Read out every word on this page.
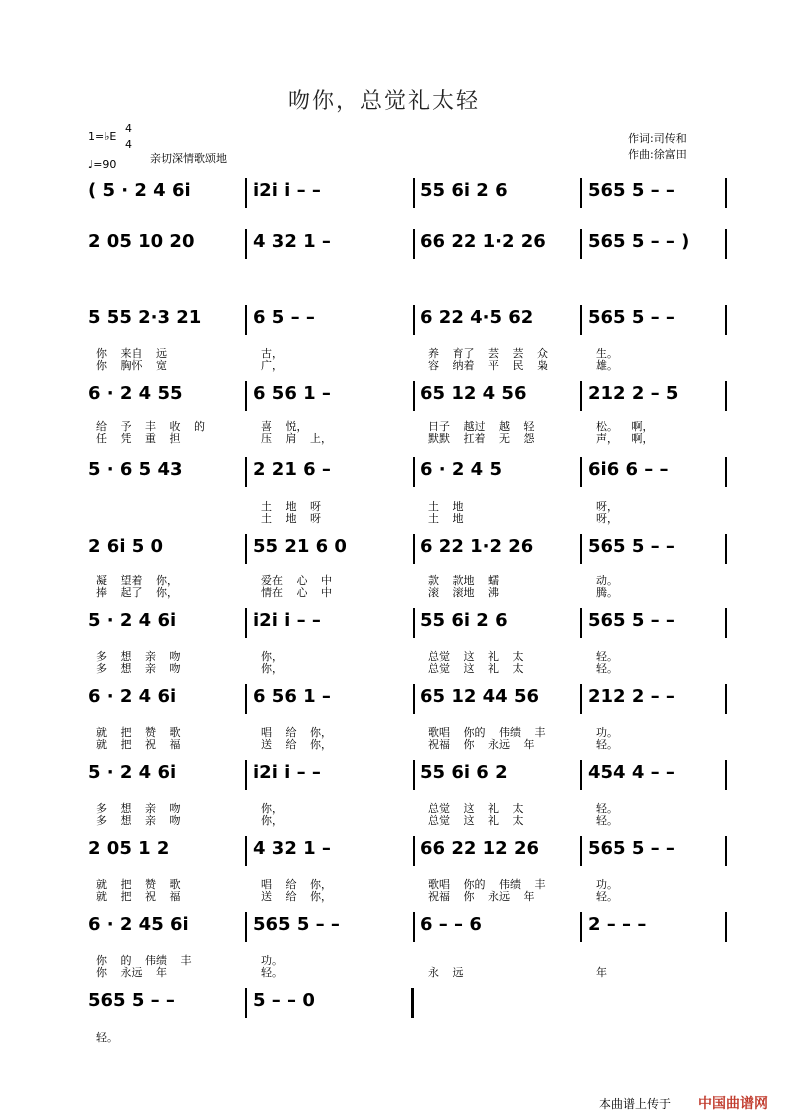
吻你，总觉礼太轻
1=♭E
4
4
♩=90	亲切深情歌颂地
作词:司传和
作曲:徐富田
( 5 · 2 4 6i	i2i i – –	55 6i 2 6	565 5 – –
2 05 10 20	4 32 1 –	66 22 1·2 26 565 5 – – )
5 55 2·3 21	6 5 – –	6 22 4·5 62	565 5 – –
6 · 2 4 55	6 56 1 –	65 12 4 56	212 2 – 5
5 · 6 5 43	2 21 6 –	6 · 2 4 5	6i6 6 – –
2 6i 5 0	55 21 6 0	6 22 1·2 26	565 5 – –
5 · 2 4 6i	i2i i – –	55 6i 2 6	565 5 – –
6 · 2 4 6i	6 56 1 –	65 12 44 56	212 2 – –
5 · 2 4 6i	i2i i – –	55 6i 6 2	454 4 – –
2 05 1 2	4 32 1 –	66 22 12 26	565 5 – –
6 · 2 45 6i	565 5 – –	6 – – 6	2 – – –
565 5 – –	5 – – 0
你 来自 远	古，	养 育了 芸 芸 众	生。
你 胸怀 宽	广，	容 纳着 平 民 枭	雄。
给 予 丰 收 的	喜 悦，	日子 越过 越 轻	松。 啊，
任 凭 重 担	压 肩 上，	默默 扛着 无 怨	声， 啊，
土 地 呀	土 地	呀，
土 地 呀	土 地	呀，
凝 望着 你，	爱在 心 中	款 款地 蠕	动。
捧 起了 你，	情在 心 中	滚 滚地 沸	腾。
多 想 亲 吻	你，	总觉 这 礼 太	轻。
多 想 亲 吻	你，	总觉 这 礼 太	轻。
就 把 赞 歌	唱 给 你，	歌唱 你的 伟绩 丰	功。
就 把 祝 福	送 给 你，	祝福 你 永远 年	轻。
多 想 亲 吻	你，	总觉 这 礼 太	轻。
多 想 亲 吻	你，	总觉 这 礼 太	轻。
就 把 赞 歌	唱 给 你，	歌唱 你的 伟绩 丰	功。
就 把 祝 福	送 给 你，	祝福 你 永远 年	轻。
你 的 伟绩 丰	功。
你 永远 年	轻。	永 远	年
轻。
本曲谱上传于 中国曲谱网
